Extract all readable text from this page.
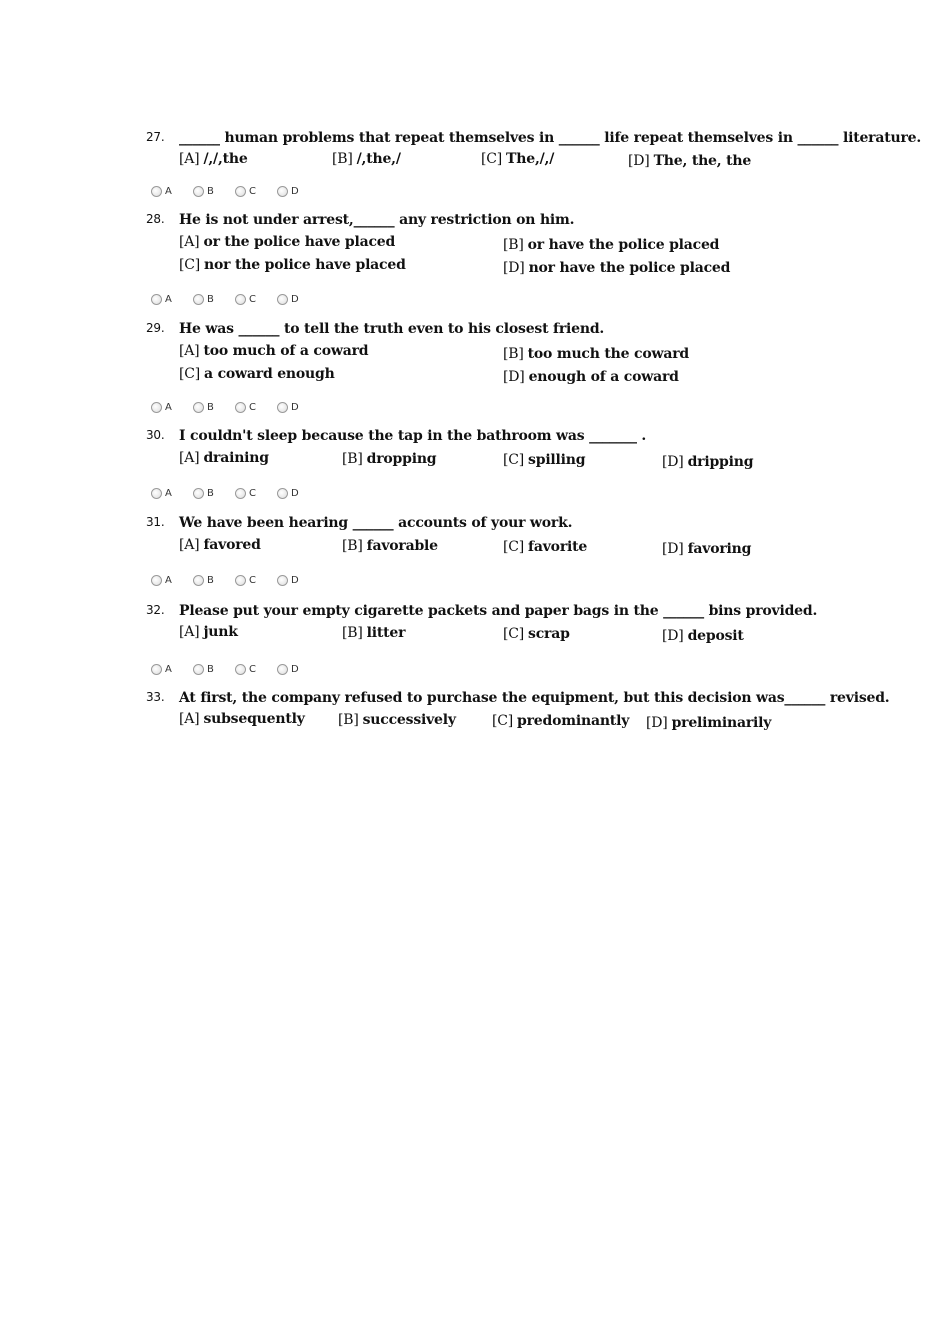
27. ______ human problems that repeat themselves in ______ life repeat themselves in ______ literature.
[A] /,/,the	[B] /,the,/	[C] The,/,/	[D] The, the, the
A	B	C	D
28. He is not under arrest,______ any restriction on him.
[A] or the police have placed	[B] or have the police placed
[C] nor the police have placed	[D] nor have the police placed
A	B	C	D
29. He was ______ to tell the truth even to his closest friend.
[A] too much of a coward	[B] too much the coward
[C] a coward enough	[D] enough of a coward
A	B	C	D
30. I couldn't sleep because the tap in the bathroom was _______ .
[A] draining	[B] dropping	[C] spilling	[D] dripping
A	B	C	D
31. We have been hearing ______ accounts of your work.
[A] favored	[B] favorable	[C] favorite	[D] favoring
A	B	C	D
32. Please put your empty cigarette packets and paper bags in the ______ bins provided.
[A] junk	[B] litter	[C] scrap	[D] deposit
A	B	C	D
33. At first, the company refused to purchase the equipment, but this decision was______ revised.
[A] subsequently [B] successively	[C] predominantly [D] preliminarily
